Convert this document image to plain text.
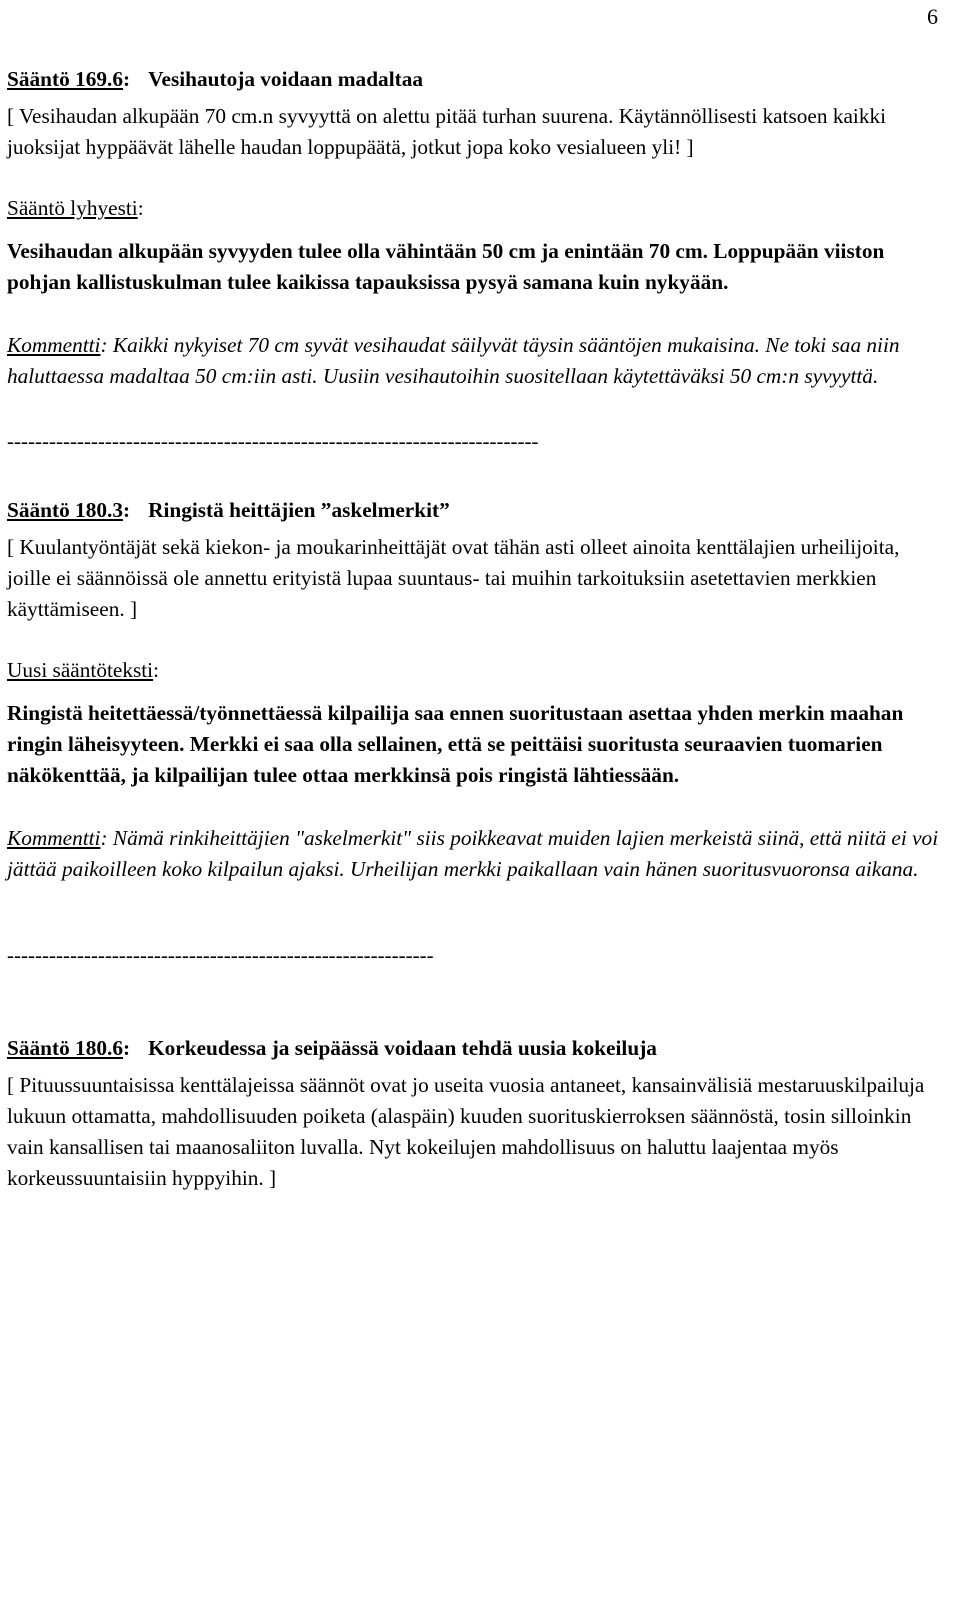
6

Sääntö 169.6: Vesihautoja voidaan madaltaa

[ Vesihaudan alkupään 70 cm.n syvyyttä on alettu pitää turhan suurena. Käytännöllisesti katsoen kaikki juoksijat hyppäävät lähelle haudan loppupäätä, jotkut jopa koko vesialueen yli! ]

Sääntö lyhyesti:

Vesihaudan alkupään syvyyden tulee olla vähintään 50 cm ja enintään 70 cm. Loppupään viiston pohjan kallistuskulman tulee kaikissa tapauksissa pysyä samana kuin nykyään.

Kommentti: Kaikki nykyiset 70 cm syvät vesihaudat säilyvät täysin sääntöjen mukaisina. Ne toki saa niin haluttaessa madaltaa 50 cm:iin asti. Uusiin vesihautoihin suositellaan käytettäväksi 50 cm:n syvyyttä.

----------------------------------------------------------------------------

Sääntö 180.3: Ringistä heittäjien ”askelmerkit”

[ Kuulantyöntäjät sekä kiekon- ja moukarinheittäjät ovat tähän asti olleet ainoita kenttälajien urheilijoita, joille ei säännöissä ole annettu erityistä lupaa suuntaus- tai muihin tarkoituksiin asetettavien merkkien käyttämiseen. ]

Uusi sääntöteksti:

Ringistä heitettäessä/työnnettäessä kilpailija saa ennen suoritustaan asettaa yhden merkin maahan ringin läheisyyteen. Merkki ei saa olla sellainen, että se peittäisi suoritusta seuraavien tuomarien näkökenttää, ja kilpailijan tulee ottaa merkkinsä pois ringistä lähtiessään.

Kommentti: Nämä rinkiheittäjien "askelmerkit" siis poikkeavat muiden lajien merkeistä siinä, että niitä ei voi jättää paikoilleen koko kilpailun ajaksi. Urheilijan merkki paikallaan vain hänen suoritusvuoronsa aikana.

-------------------------------------------------------------

Sääntö 180.6: Korkeudessa ja seipäässä voidaan tehdä uusia kokeiluja

[ Pituussuuntaisissa kenttälajeissa säännöt ovat jo useita vuosia antaneet, kansainvälisiä mestaruuskilpailuja lukuun ottamatta, mahdollisuuden poiketa (alaspäin) kuuden suorituskierroksen säännöstä, tosin silloinkin vain kansallisen tai maanosaliiton luvalla. Nyt kokeilujen mahdollisuus on haluttu laajentaa myös korkeussuuntaisiin hyppyihin. ]
